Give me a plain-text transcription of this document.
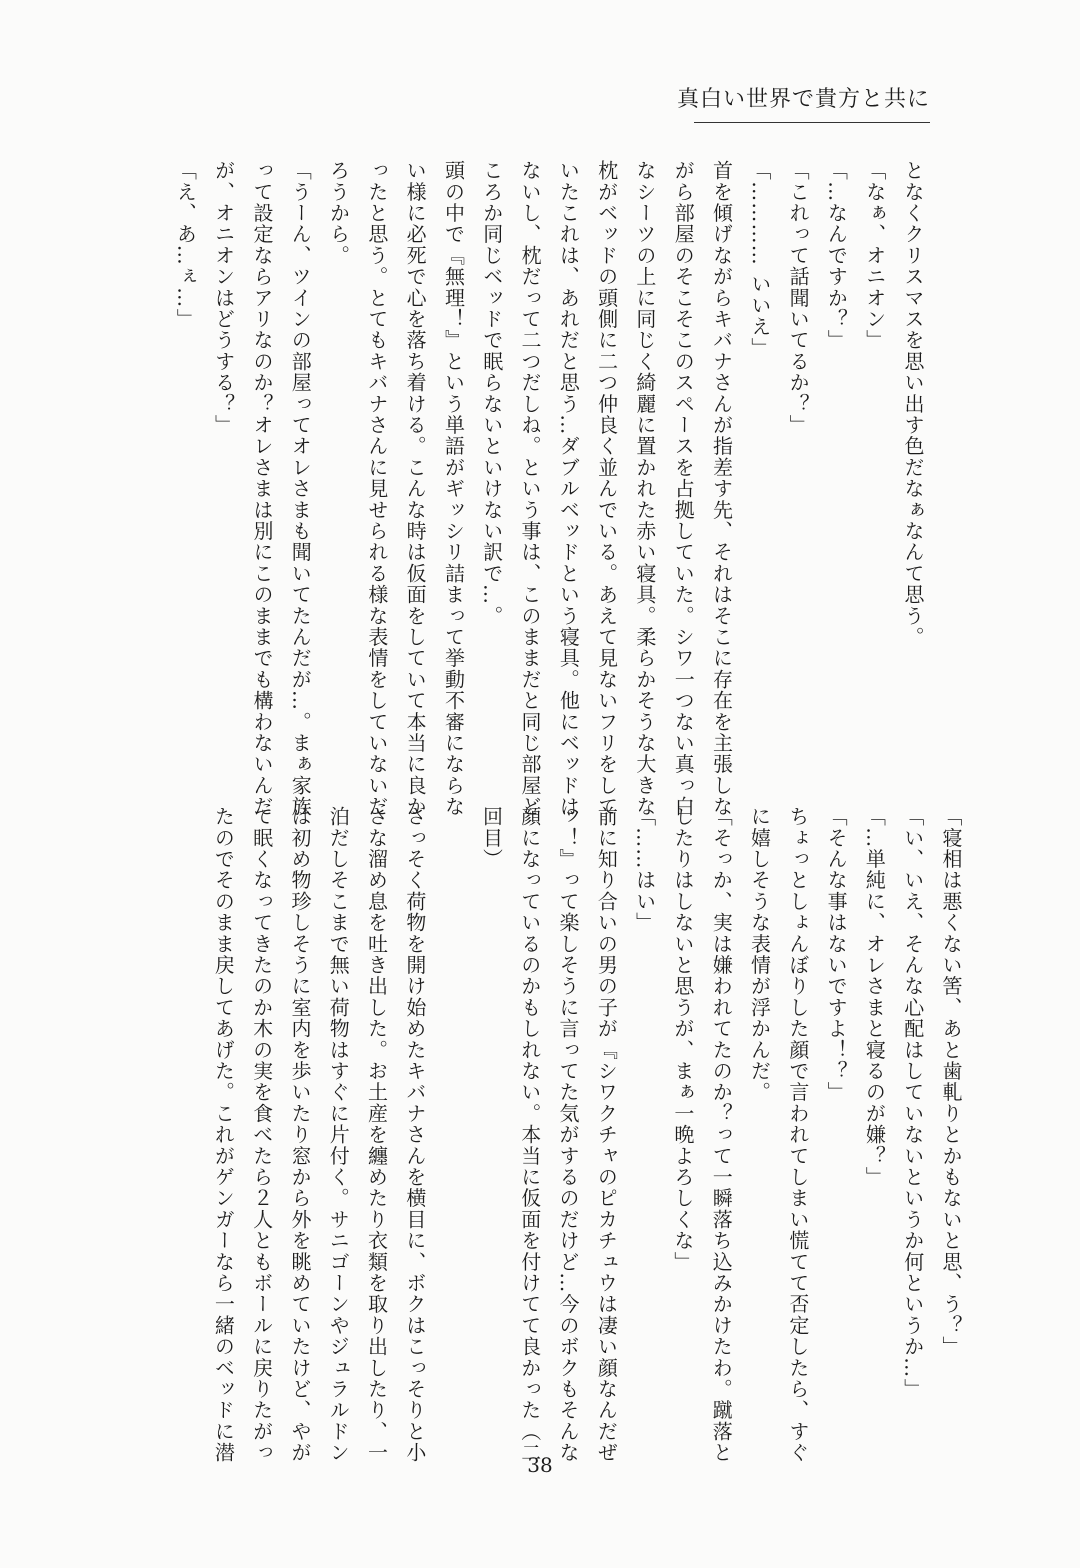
真白い世界で貴方と共に
となくクリスマスを思い出す色だなぁなんて思う。
「なぁ、オニオン」
「…なんですか？」
「これって話聞いてるか？」
「………… いいえ」
首を傾げながらキバナさんが指差す先、それはそこに存在を主張しな
がら部屋のそこそこのスペースを占拠していた。シワ一つない真っ白
なシーツの上に同じく綺麗に置かれた赤い寝具。柔らかそうな大きな
枕がベッドの頭側に二つ仲良く並んでいる。あえて見ないフリをして
いたこれは、あれだと思う…ダブルベッドという寝具。他にベッドは
ないし、枕だって二つだしね。という事は、このままだと同じ部屋ど
ころか同じベッドで眠らないといけない訳で…。
頭の中で『無理！』という単語がギッシリ詰まって挙動不審にならな
い様に必死で心を落ち着ける。こんな時は仮面をしていて本当に良か
ったと思う。とてもキバナさんに見せられる様な表情をしていないだ
ろうから。
「うーん、ツインの部屋ってオレさまも聞いてたんだが…。まぁ家族
って設定ならアリなのか？オレさまは別にこのままでも構わないんだ
が、オニオンはどうする？」
「え、あ…ぇ…」
「寝相は悪くない筈、あと歯軋りとかもないと思、う？」
「い、いえ、そんな心配はしていないというか何というか…」
「…単純に、オレさまと寝るのが嫌？」
「そんな事はないですよ！？」
ちょっとしょんぼりした顔で言われてしまい慌てて否定したら、すぐ
に嬉しそうな表情が浮かんだ。
「そっか、実は嫌われてたのか？って一瞬落ち込みかけたわ。蹴落と
したりはしないと思うが、まぁ一晩よろしくな」
「……はい」
前に知り合いの男の子が『シワクチャのピカチュウは凄い顔なんだぜ
ッ！』って楽しそうに言ってた気がするのだけど…今のボクもそんな
顔になっているのかもしれない。本当に仮面を付けてて良かった（二
回目）
さっそく荷物を開け始めたキバナさんを横目に、ボクはこっそりと小
さな溜め息を吐き出した。お土産を纏めたり衣類を取り出したり、一
泊だしそこまで無い荷物はすぐに片付く。サニゴーンやジュラルドン
は初め物珍しそうに室内を歩いたり窓から外を眺めていたけど、やが
て眠くなってきたのか木の実を食べたら２人ともボールに戻りたがっ
たのでそのまま戻してあげた。これがゲンガーなら一緒のベッドに潜
38
